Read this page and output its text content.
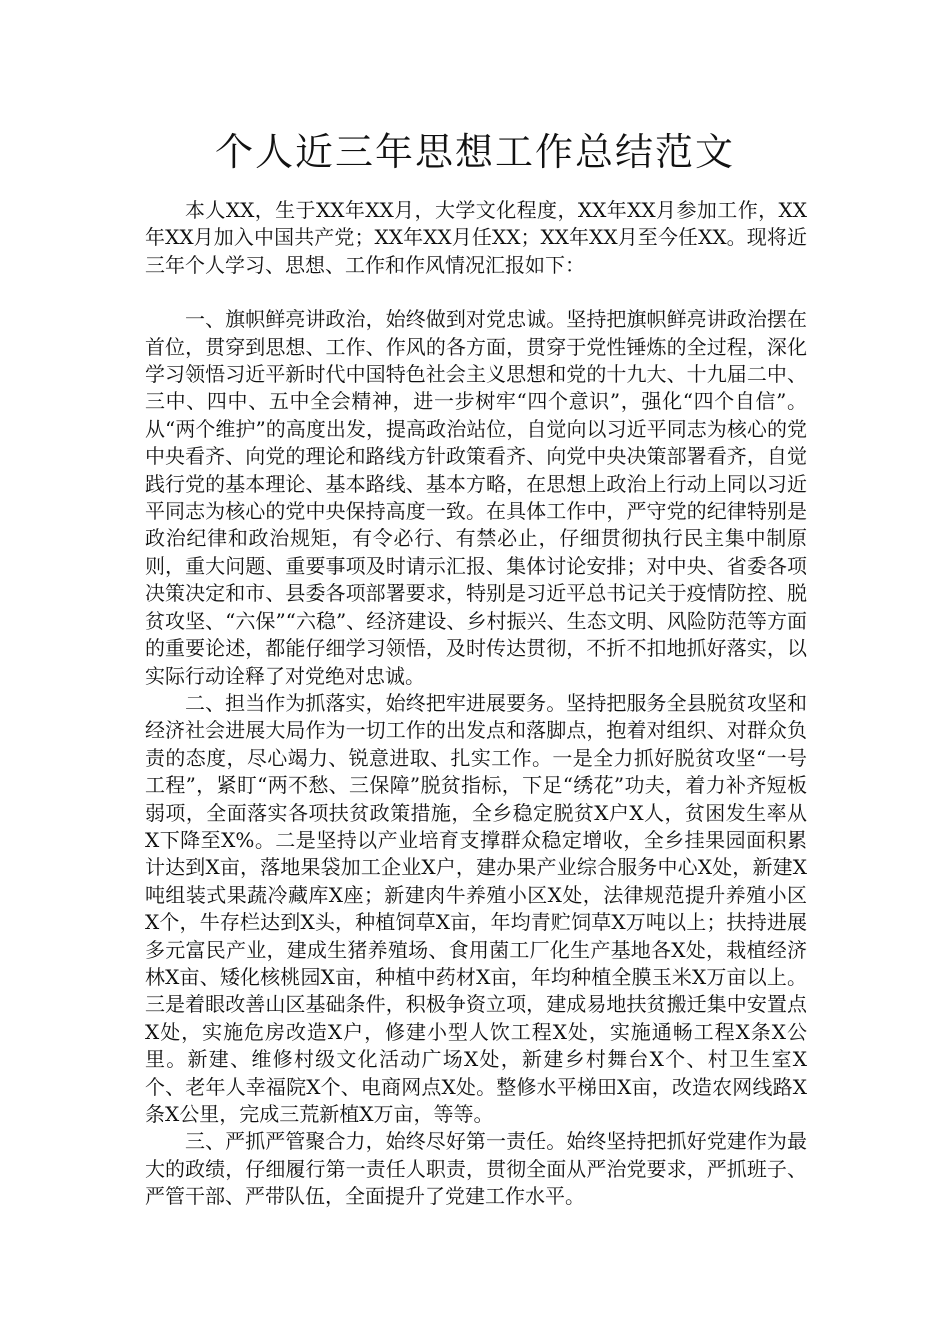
个人近三年思想工作总结范文

本人XX，生于XX年XX月，大学文化程度，XX年XX月参加工作，XX年XX月加入中国共产党；XX年XX月任XX；XX年XX月至今任XX。现将近三年个人学习、思想、工作和作风情况汇报如下：

一、旗帜鲜亮讲政治，始终做到对党忠诚。坚持把旗帜鲜亮讲政治摆在首位，贯穿到思想、工作、作风的各方面，贯穿于党性锤炼的全过程，深化学习领悟习近平新时代中国特色社会主义思想和党的十九大、十九届二中、三中、四中、五中全会精神，进一步树牢“四个意识”，强化“四个自信”。从“两个维护”的高度出发，提高政治站位，自觉向以习近平同志为核心的党中央看齐、向党的理论和路线方针政策看齐、向党中央决策部署看齐，自觉践行党的基本理论、基本路线、基本方略，在思想上政治上行动上同以习近平同志为核心的党中央保持高度一致。在具体工作中，严守党的纪律特别是政治纪律和政治规矩，有令必行、有禁必止，仔细贯彻执行民主集中制原则，重大问题、重要事项及时请示汇报、集体讨论安排；对中央、省委各项决策决定和市、县委各项部署要求，特别是习近平总书记关于疫情防控、脱贫攻坚、“六保”“六稳”、经济建设、乡村振兴、生态文明、风险防范等方面的重要论述，都能仔细学习领悟，及时传达贯彻，不折不扣地抓好落实，以实际行动诠释了对党绝对忠诚。

二、担当作为抓落实，始终把牢进展要务。坚持把服务全县脱贫攻坚和经济社会进展大局作为一切工作的出发点和落脚点，抱着对组织、对群众负责的态度，尽心竭力、锐意进取、扎实工作。一是全力抓好脱贫攻坚“一号工程”，紧盯“两不愁、三保障”脱贫指标，下足“绣花”功夫，着力补齐短板弱项，全面落实各项扶贫政策措施，全乡稳定脱贫X户X人，贫困发生率从X下降至X%。二是坚持以产业培育支撑群众稳定增收，全乡挂果园面积累计达到X亩，落地果袋加工企业X户，建办果产业综合服务中心X处，新建X吨组装式果蔬冷藏库X座；新建肉牛养殖小区X处，法律规范提升养殖小区X个，牛存栏达到X头，种植饲草X亩，年均青贮饲草X万吨以上；扶持进展多元富民产业，建成生猪养殖场、食用菌工厂化生产基地各X处，栽植经济林X亩、矮化核桃园X亩，种植中药材X亩，年均种植全膜玉米X万亩以上。三是着眼改善山区基础条件，积极争资立项，建成易地扶贫搬迁集中安置点X处，实施危房改造X户，修建小型人饮工程X处，实施通畅工程X条X公里。新建、维修村级文化活动广场X处，新建乡村舞台X个、村卫生室X个、老年人幸福院X个、电商网点X处。整修水平梯田X亩，改造农网线路X条X公里，完成三荒新植X万亩，等等。

三、严抓严管聚合力，始终尽好第一责任。始终坚持把抓好党建作为最大的政绩，仔细履行第一责任人职责，贯彻全面从严治党要求，严抓班子、严管干部、严带队伍，全面提升了党建工作水平。
